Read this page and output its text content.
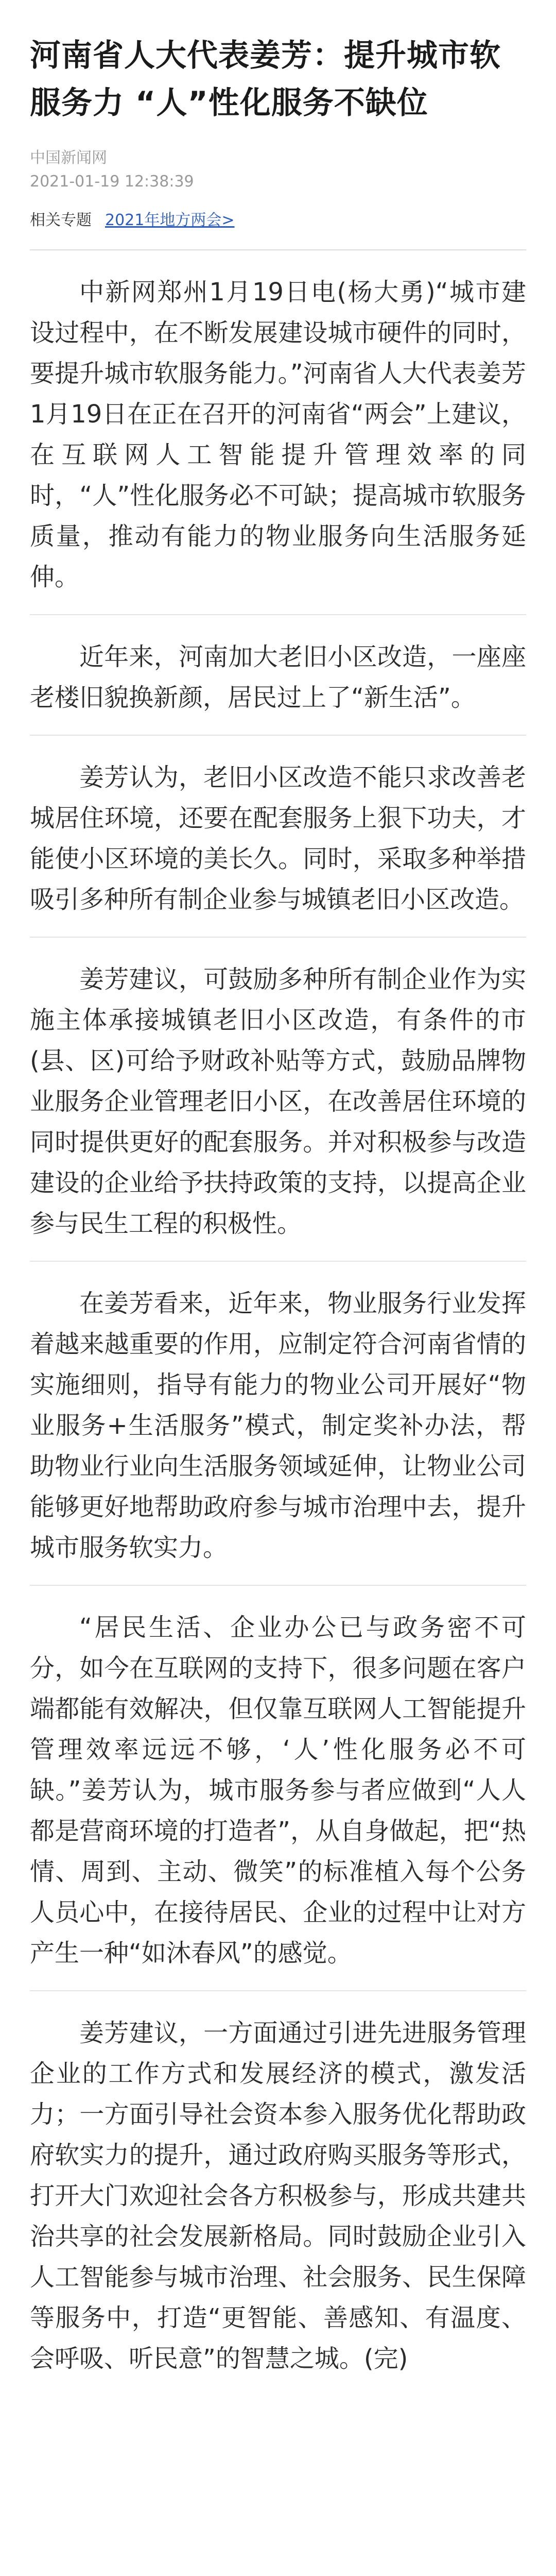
河南省人大代表姜芳：提升城市软服务力 “人”性化服务不缺位
中国新闻网
2021-01-19 12:38:39
相关专题 2021年地方两会>

中新网郑州1月19日电(杨大勇)“城市建设过程中，在不断发展建设城市硬件的同时，要提升城市软服务能力。”河南省人大代表姜芳1月19日在正在召开的河南省“两会”上建议，在互联网人工智能提升管理效率的同时，“人”性化服务必不可缺；提高城市软服务质量，推动有能力的物业服务向生活服务延伸。

近年来，河南加大老旧小区改造，一座座老楼旧貌换新颜，居民过上了“新生活”。

姜芳认为，老旧小区改造不能只求改善老城居住环境，还要在配套服务上狠下功夫，才能使小区环境的美长久。同时，采取多种举措吸引多种所有制企业参与城镇老旧小区改造。

姜芳建议，可鼓励多种所有制企业作为实施主体承接城镇老旧小区改造，有条件的市(县、区)可给予财政补贴等方式，鼓励品牌物业服务企业管理老旧小区，在改善居住环境的同时提供更好的配套服务。并对积极参与改造建设的企业给予扶持政策的支持，以提高企业参与民生工程的积极性。

在姜芳看来，近年来，物业服务行业发挥着越来越重要的作用，应制定符合河南省情的实施细则，指导有能力的物业公司开展好“物业服务+生活服务”模式，制定奖补办法，帮助物业行业向生活服务领域延伸，让物业公司能够更好地帮助政府参与城市治理中去，提升城市服务软实力。

“居民生活、企业办公已与政务密不可分，如今在互联网的支持下，很多问题在客户端都能有效解决，但仅靠互联网人工智能提升管理效率远远不够，‘人’性化服务必不可缺。”姜芳认为，城市服务参与者应做到“人人都是营商环境的打造者”，从自身做起，把“热情、周到、主动、微笑”的标准植入每个公务人员心中，在接待居民、企业的过程中让对方产生一种“如沐春风”的感觉。

姜芳建议，一方面通过引进先进服务管理企业的工作方式和发展经济的模式，激发活力；一方面引导社会资本参入服务优化帮助政府软实力的提升，通过政府购买服务等形式，打开大门欢迎社会各方积极参与，形成共建共治共享的社会发展新格局。同时鼓励企业引入人工智能参与城市治理、社会服务、民生保障等服务中，打造“更智能、善感知、有温度、会呼吸、听民意”的智慧之城。(完)
